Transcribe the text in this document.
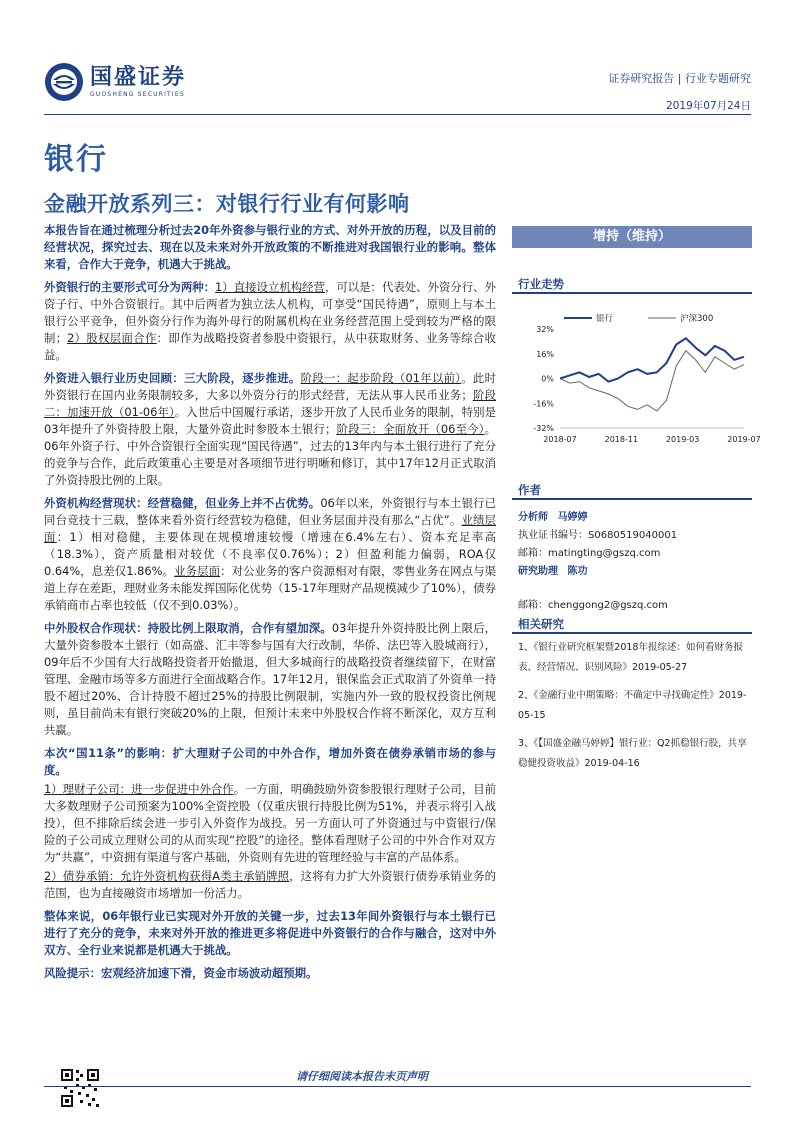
国盛证券
GUOSHENG SECURITIES
证券研究报告 | 行业专题研究
2019年07月24日
银行
金融开放系列三：对银行行业有何影响

本报告旨在通过梳理分析过去20年外资参与银行业的方式、对外开放的历程，以及目前的经营状况，探究过去、现在以及未来对外开放政策的不断推进对我国银行业的影响。整体来看，合作大于竞争，机遇大于挑战。

外资银行的主要形式可分为两种：1）直接设立机构经营，可以是：代表处、外资分行、外资子行、中外合资银行。其中后两者为独立法人机构，可享受“国民待遇”，原则上与本土银行公平竞争，但外资分行作为海外母行的附属机构在业务经营范围上受到较为严格的限制；2）股权层面合作：即作为战略投资者参股中资银行，从中获取财务、业务等综合收益。

外资进入银行业历史回顾：三大阶段，逐步推进。阶段一：起步阶段（01年以前）。此时外资银行在国内业务限制较多，大多以外资分行的形式经营，无法从事人民币业务；阶段二：加速开放（01-06年）。入世后中国履行承诺，逐步开放了人民币业务的限制，特别是03年提升了外资持股上限，大量外资此时参股本土银行；阶段三：全面放开（06至今）。06年外资子行、中外合资银行全面实现“国民待遇”，过去的13年内与本土银行进行了充分的竞争与合作，此后政策重心主要是对各项细节进行明晰和修订，其中17年12月正式取消了外资持股比例的上限。

外资机构经营现状：经营稳健，但业务上并不占优势。06年以来，外资银行与本土银行已同台竞技十三载，整体来看外资行经营较为稳健，但业务层面并没有那么“占优”。业绩层面：1）相对稳健，主要体现在规模增速较慢（增速在6.4%左右）、资本充足率高（18.3%），资产质量相对较优（不良率仅0.76%）；2）但盈利能力偏弱，ROA仅0.64%，息差仅1.86%。业务层面：对公业务的客户资源相对有限，零售业务在网点与渠道上存在差距，理财业务未能发挥国际化优势（15-17年理财产品规模减少了10%），债券承销商市占率也较低（仅不到0.03%）。

中外股权合作现状：持股比例上限取消，合作有望加深。03年提升外资持股比例上限后，大量外资参股本土银行（如高盛、汇丰等参与国有大行改制，华侨、法巴等入股城商行），09年后不少国有大行战略投资者开始撤退，但大多城商行的战略投资者继续留下，在财富管理、金融市场等多方面进行全面战略合作。17年12月，银保监会正式取消了外资单一持股不超过20%、合计持股不超过25%的持股比例限制，实施内外一致的股权投资比例规则，虽目前尚未有银行突破20%的上限，但预计未来中外股权合作将不断深化，双方互利共赢。

本次“国11条”的影响：扩大理财子公司的中外合作，增加外资在债券承销市场的参与度。

1）理财子公司：进一步促进中外合作。一方面，明确鼓励外资参股银行理财子公司，目前大多数理财子公司预案为100%全资控股（仅重庆银行持股比例为51%，并表示将引入战投），但不排除后续会进一步引入外资作为战投。另一方面认可了外资通过与中资银行/保险的子公司成立理财公司的从而实现“控股”的途径。整体看理财子公司的中外合作对双方为“共赢”，中资拥有渠道与客户基础，外资则有先进的管理经验与丰富的产品体系。

2）债券承销：允许外资机构获得A类主承销牌照，这将有力扩大外资银行债券承销业务的范围，也为直接融资市场增加一份活力。

整体来说，06年银行业已实现对外开放的关键一步，过去13年间外资银行与本土银行已进行了充分的竞争，未来对外开放的推进更多将促进中外资银行的合作与融合，这对中外双方、全行业来说都是机遇大于挑战。

风险提示：宏观经济加速下滑，资金市场波动超预期。

增持（维持）
行业走势
32%
16%
0%
-16%
-32%
2018-07	2018-11	2019-03	2019-07
银行	沪深300
作者
分析师 马婷婷
执业证书编号：S0680519040001
邮箱：matingting@gszq.com
研究助理 陈功
邮箱：chenggong2@gszq.com
相关研究
1、《银行业研究框架暨2018年报综述：如何看财务报表、经营情况、识别风险》2019-05-27
2、《金融行业中期策略：不确定中寻找确定性》2019-05-15
3、《【国盛金融马婷婷】银行业：Q2抓稳银行股，共享稳健投资收益》2019-04-16
请仔细阅读本报告末页声明
